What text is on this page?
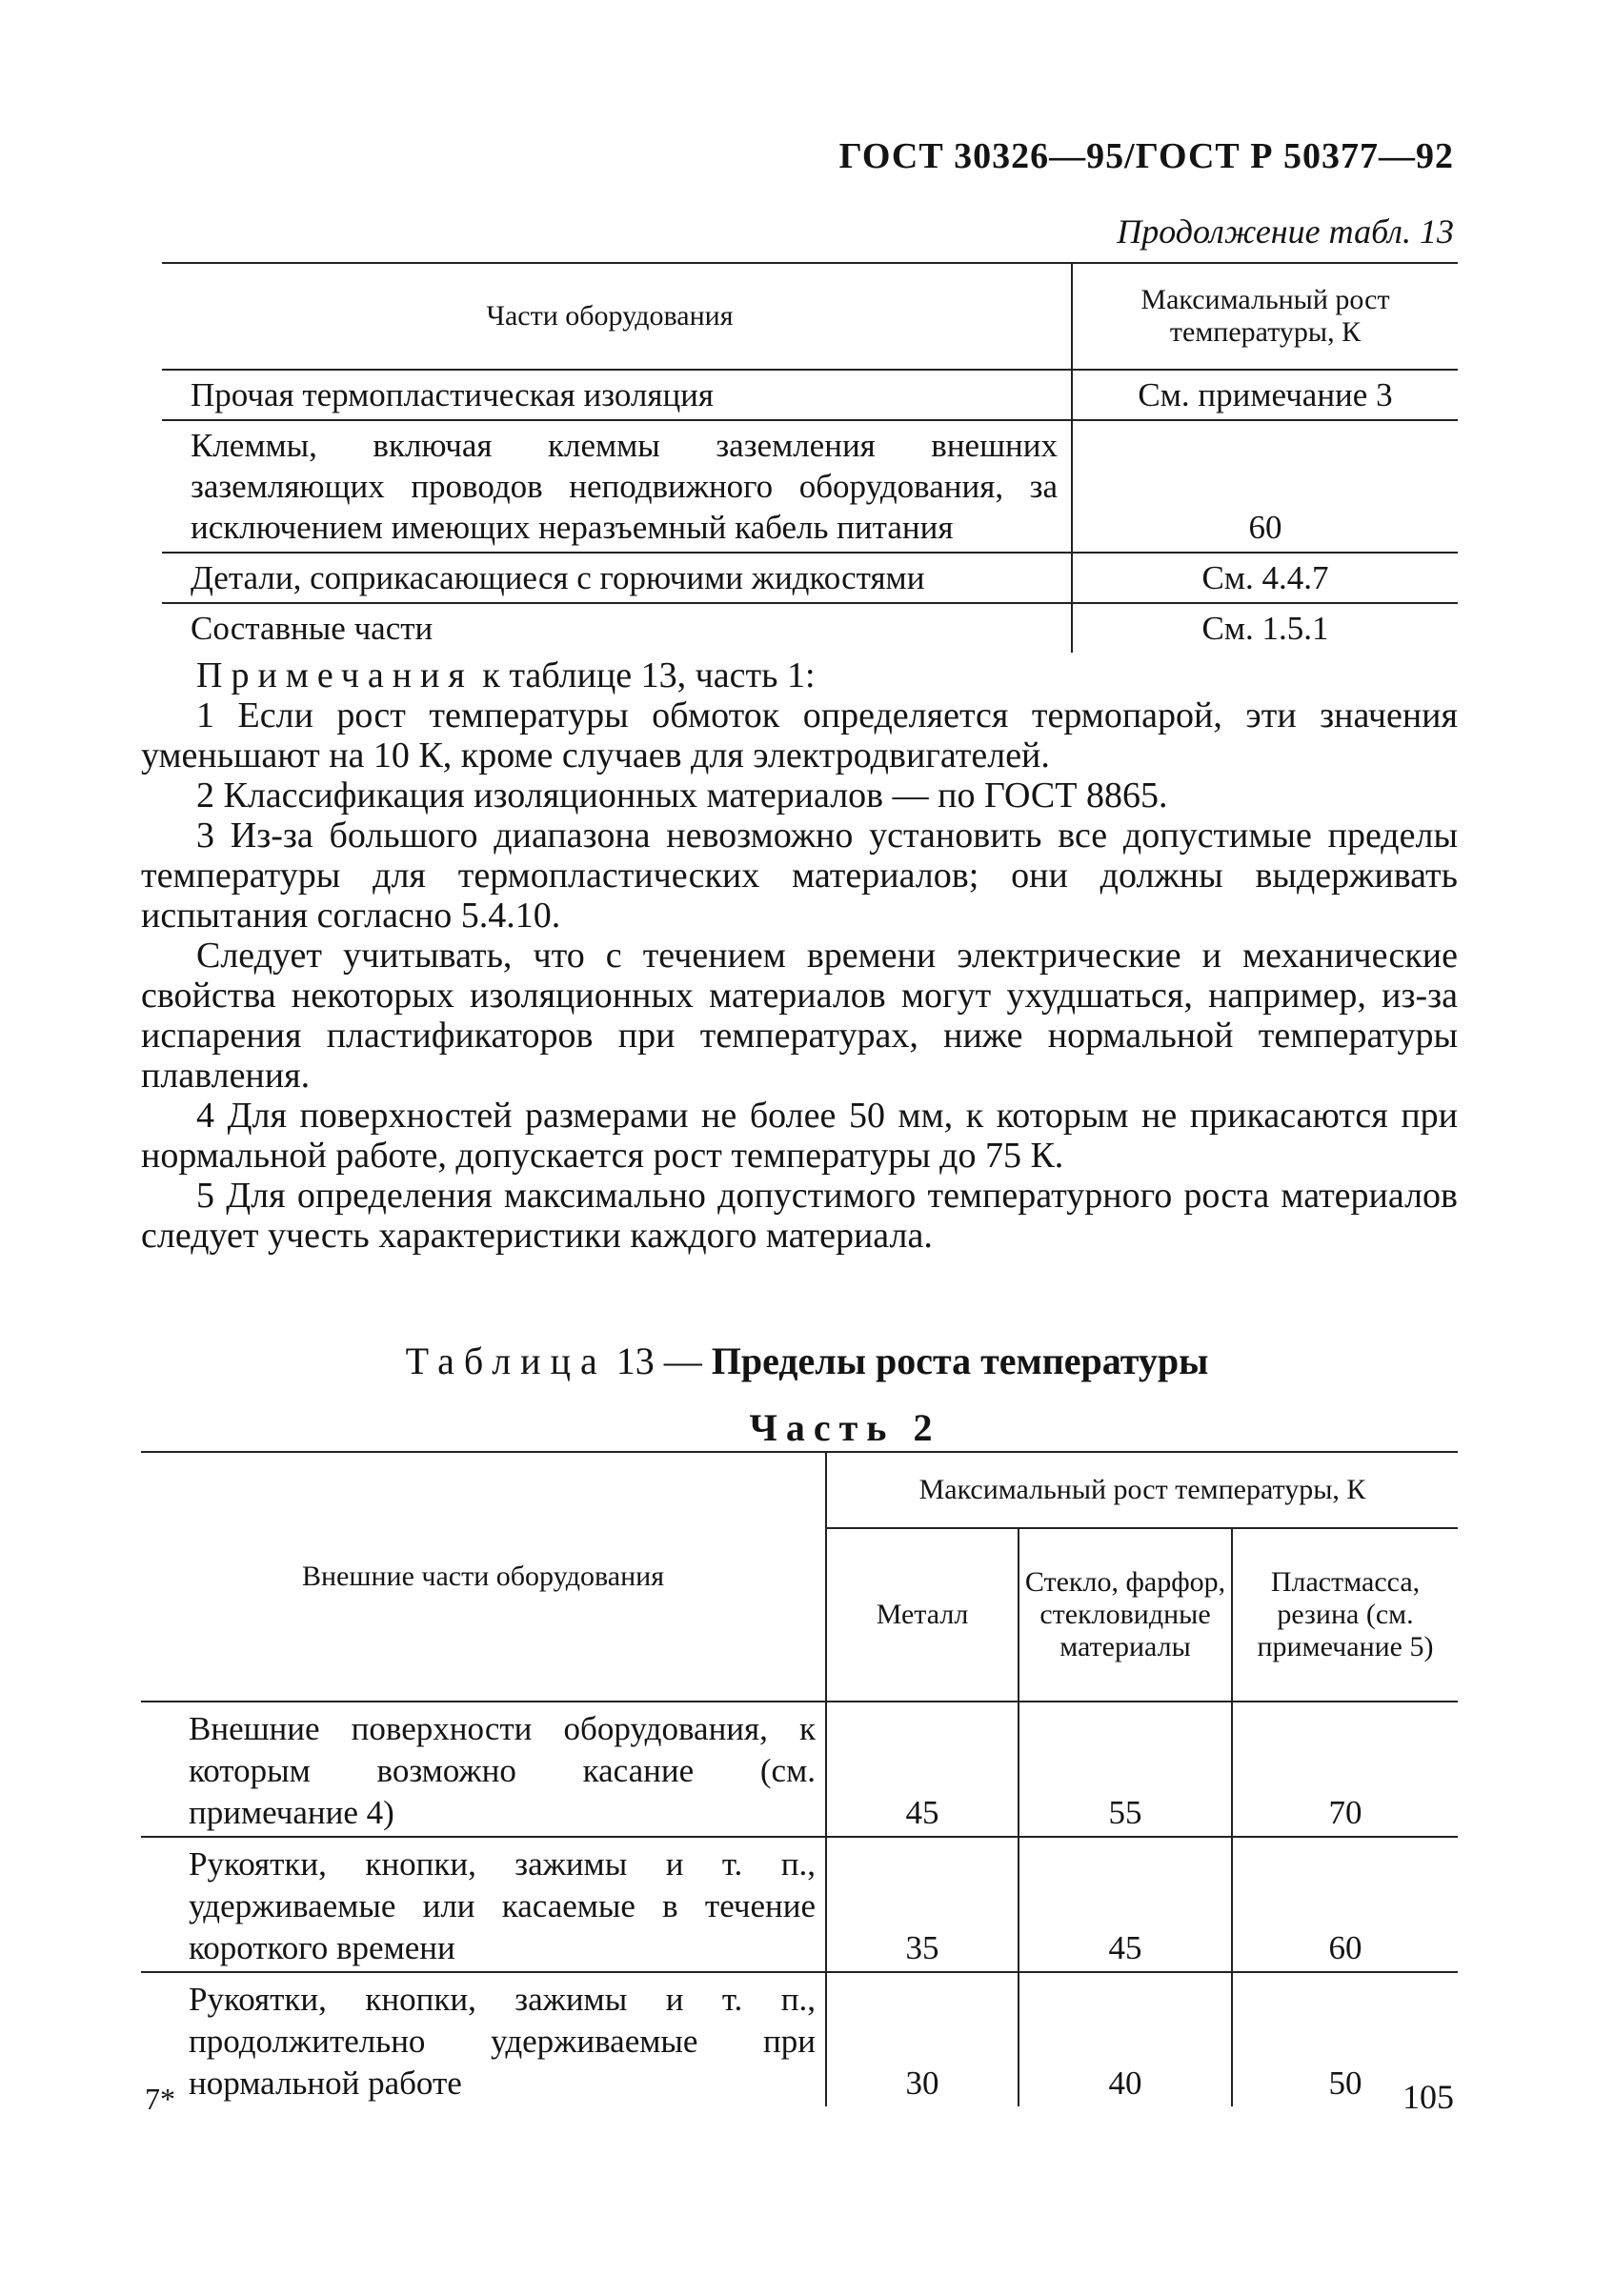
ГОСТ 30326—95/ГОСТ Р 50377—92
Продолжение табл. 13
Части оборудования	Максимальный рост температуры, К
Прочая термопластическая изоляция	См. примечание 3
Клеммы, включая клеммы заземления внешних заземляющих проводов неподвижного оборудования, за исключением имеющих неразъемный кабель питания	60
Детали, соприкасающиеся с горючими жидкостями	См. 4.4.7
Составные части	См. 1.5.1

Примечания к таблице 13, часть 1:

1 Если рост температуры обмоток определяется термопарой, эти значения уменьшают на 10 К, кроме случаев для электродвигателей.

2 Классификация изоляционных материалов — по ГОСТ 8865.

3 Из-за большого диапазона невозможно установить все допустимые пределы температуры для термопластических материалов; они должны выдерживать испытания согласно 5.4.10.

Следует учитывать, что с течением времени электрические и механические свойства некоторых изоляционных материалов могут ухудшаться, например, из-за испарения пластификаторов при температурах, ниже нормальной температуры плавления.

4 Для поверхностей размерами не более 50 мм, к которым не прикасаются при нормальной работе, допускается рост температуры до 75 К.

5 Для определения максимально допустимого температурного роста материалов следует учесть характеристики каждого материала.

Таблица 13 — Пределы роста температуры
Часть 2
Внешние части оборудования	Максимальный рост температуры, К		
	Металл	Стекло, фарфор, стекловидные материалы	Пластмасса, резина (см. примечание 5)
Внешние поверхности оборудования, к которым возможно касание (см. примечание 4)	45	55	70
Рукоятки, кнопки, зажимы и т. п., удерживаемые или касаемые в течение короткого времени	35	45	60
Рукоятки, кнопки, зажимы и т. п., продолжительно удерживаемые при нормальной работе	30	40	50
7*	105
